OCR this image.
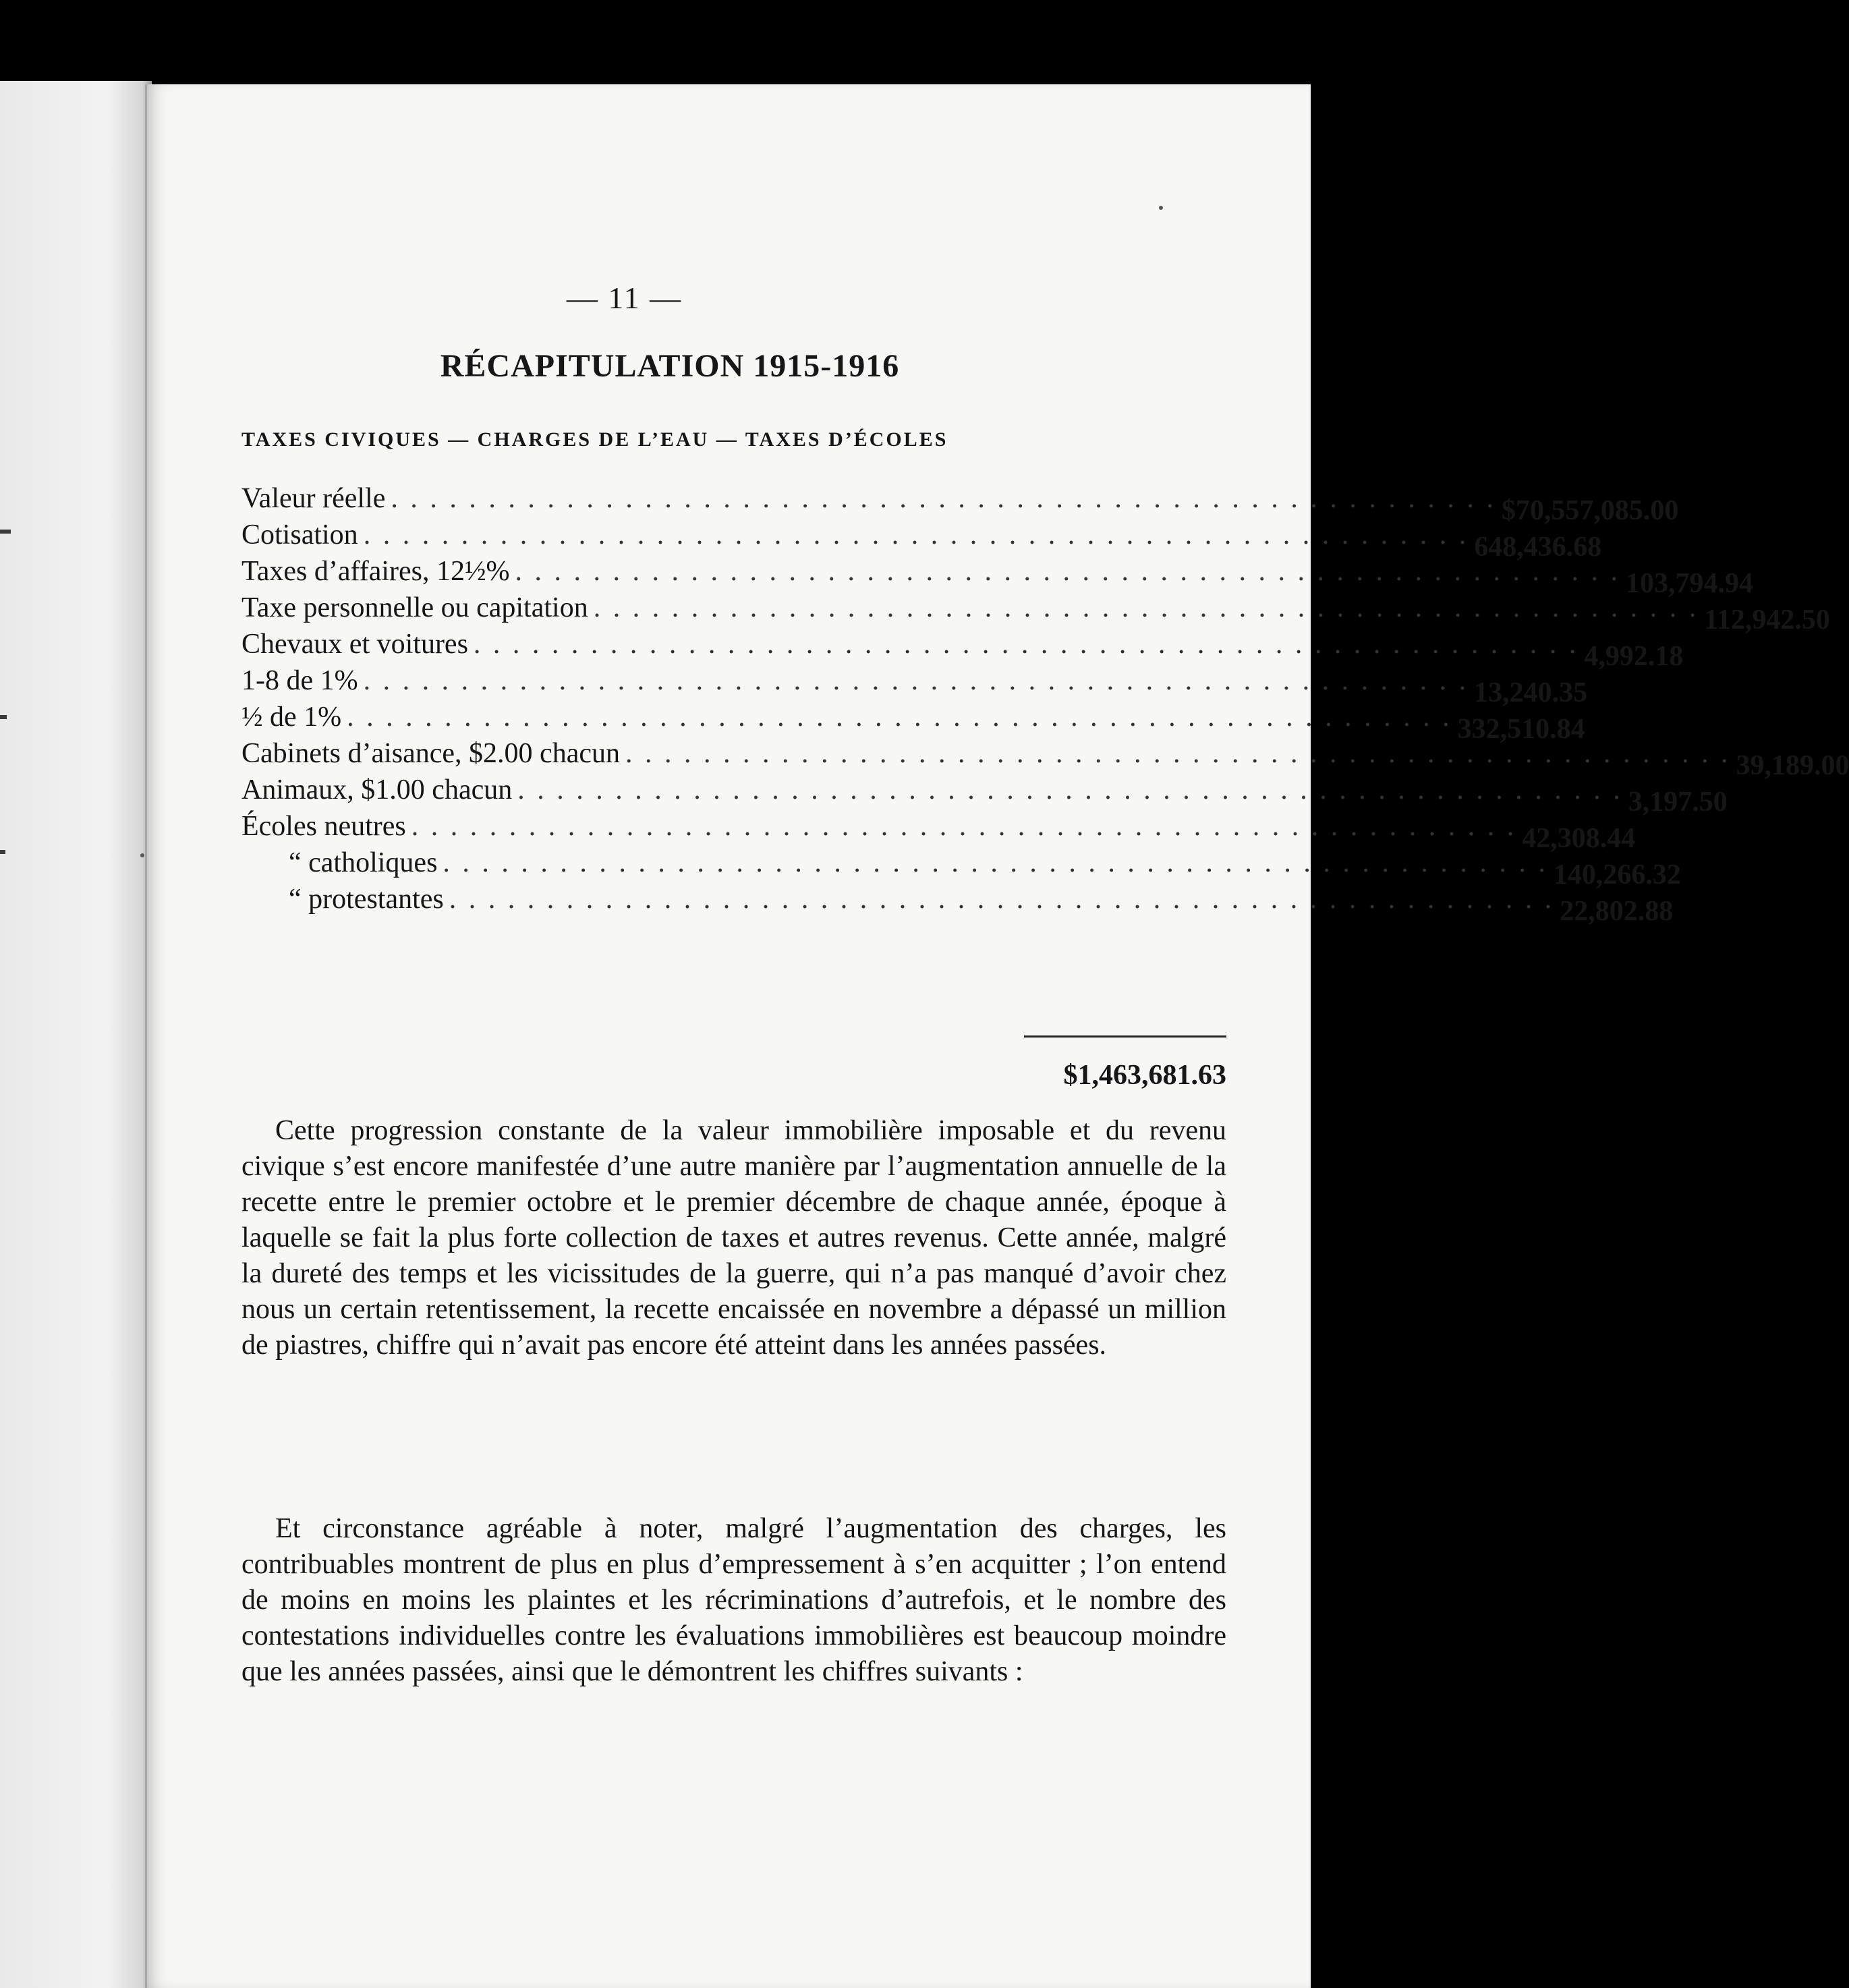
— 11 —
RÉCAPITULATION 1915-1916
TAXES CIVIQUES — CHARGES DE L’EAU — TAXES D’ÉCOLES
Valeur réelle . . . . . . . . . . . . . . . . . . . . . . . . . . . . . . . . . . . . . . . . . . . . . . . . . . . . . . . . . $70,557,085.00
Cotisation . . . . . . . . . . . . . . . . . . . . . . . . . . . . . . . . . . . . . . . . . . . . . . . . . . . . . . . . . 648,436.68
Taxes d’affaires, 12½% . . . . . . . . . . . . . . . . . . . . . . . . . . . . . . . . . . . . . . . . . . . . . . . . . . . . . . . . . 103,794.94
Taxe personnelle ou capitation . . . . . . . . . . . . . . . . . . . . . . . . . . . . . . . . . . . . . . . . . . . . . . . . . . . . . . . . . 112,942.50
Chevaux et voitures . . . . . . . . . . . . . . . . . . . . . . . . . . . . . . . . . . . . . . . . . . . . . . . . . . . . . . . . . 4,992.18
1-8 de 1% . . . . . . . . . . . . . . . . . . . . . . . . . . . . . . . . . . . . . . . . . . . . . . . . . . . . . . . . . 13,240.35
½ de 1% . . . . . . . . . . . . . . . . . . . . . . . . . . . . . . . . . . . . . . . . . . . . . . . . . . . . . . . . . 332,510.84
Cabinets d’aisance, $2.00 chacun . . . . . . . . . . . . . . . . . . . . . . . . . . . . . . . . . . . . . . . . . . . . . . . . . . . . . . . . . 39,189.00
Animaux, $1.00 chacun . . . . . . . . . . . . . . . . . . . . . . . . . . . . . . . . . . . . . . . . . . . . . . . . . . . . . . . . . 3,197.50
Écoles neutres . . . . . . . . . . . . . . . . . . . . . . . . . . . . . . . . . . . . . . . . . . . . . . . . . . . . . . . . . 42,308.44
“ catholiques . . . . . . . . . . . . . . . . . . . . . . . . . . . . . . . . . . . . . . . . . . . . . . . . . . . . . . . . . 140,266.32
“ protestantes . . . . . . . . . . . . . . . . . . . . . . . . . . . . . . . . . . . . . . . . . . . . . . . . . . . . . . . . . 22,802.88
$1,463,681.63

Cette progression constante de la valeur immobilière imposable et du revenu civique s’est encore manifestée d’une autre manière par l’augmentation annuelle de la recette entre le premier octobre et le premier décembre de chaque année, époque à laquelle se fait la plus forte collection de taxes et autres revenus. Cette année, malgré la dureté des temps et les vicissitudes de la guerre, qui n’a pas manqué d’avoir chez nous un certain retentissement, la recette encaissée en novembre a dépassé un million de piastres, chiffre qui n’avait pas encore été atteint dans les années passées.

Et circonstance agréable à noter, malgré l’augmentation des charges, les contribuables montrent de plus en plus d’empressement à s’en acquitter ; l’on entend de moins en moins les plaintes et les récriminations d’autrefois, et le nombre des contestations individuelles contre les évaluations immobilières est beaucoup moindre que les années passées, ainsi que le démontrent les chiffres suivants :
